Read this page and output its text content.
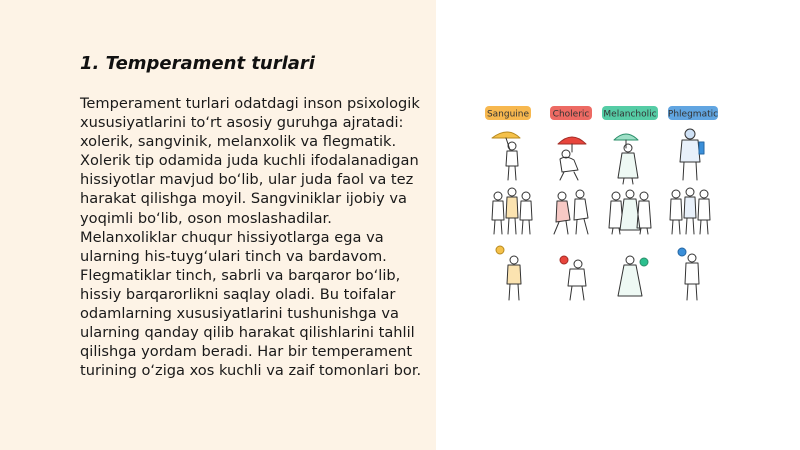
1. Temperament turlari

Temperament turlari odatdagi inson psixologik xususiyatlarini to‘rt asosiy guruhga ajratadi: xolerik, sangvinik, melanxolik va flegmatik. Xolerik tip odamida juda kuchli ifodalanadigan hissiyotlar mavjud bo‘lib, ular juda faol va tez harakat qilishga moyil. Sangviniklar ijobiy va yoqimli bo‘lib, oson moslashadilar. Melanxoliklar chuqur hissiyotlarga ega va ularning his-tuyg‘ulari tinch va bardavom. Flegmatiklar tinch, sabrli va barqaror bo‘lib, hissiy barqarorlikni saqlay oladi. Bu toifalar odamlarning xususiyatlarini tushunishga va ularning qanday qilib harakat qilishlarini tahlil qilishga yordam beradi. Har bir temperament turining o‘ziga xos kuchli va zaif tomonlari bor.

Sanguine	Choleric Melancholic Phlegmatic
